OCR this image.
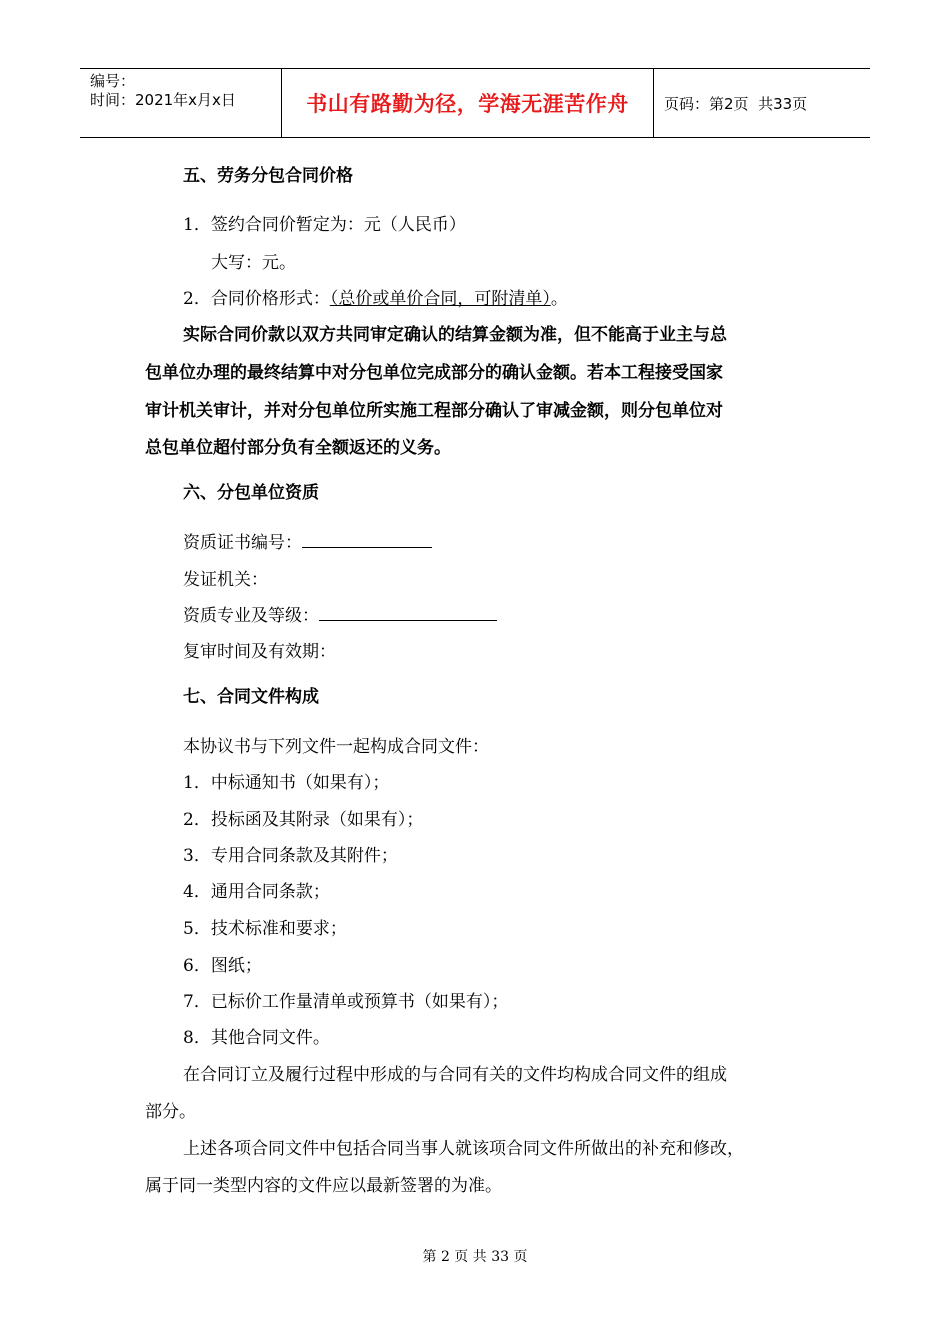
编号：
时间：2021年x月x日	书山有路勤为径，学海无涯苦作舟	页码：第2页  共33页
五、劳务分包合同价格
1．签约合同价暂定为：元（人民币）
大写：元。
2．合同价格形式：（总价或单价合同，可附清单）。
实际合同价款以双方共同审定确认的结算金额为准，但不能高于业主与总
包单位办理的最终结算中对分包单位完成部分的确认金额。若本工程接受国家
审计机关审计，并对分包单位所实施工程部分确认了审减金额，则分包单位对
总包单位超付部分负有全额返还的义务。
六、分包单位资质
资质证书编号：
发证机关：
资质专业及等级：
复审时间及有效期：
七、合同文件构成
本协议书与下列文件一起构成合同文件：
1．中标通知书（如果有）；
2．投标函及其附录（如果有）；
3．专用合同条款及其附件；
4．通用合同条款；
5．技术标准和要求；
6．图纸；
7．已标价工作量清单或预算书（如果有）；
8．其他合同文件。
在合同订立及履行过程中形成的与合同有关的文件均构成合同文件的组成
部分。
上述各项合同文件中包括合同当事人就该项合同文件所做出的补充和修改，
属于同一类型内容的文件应以最新签署的为准。
第 2 页 共 33 页
